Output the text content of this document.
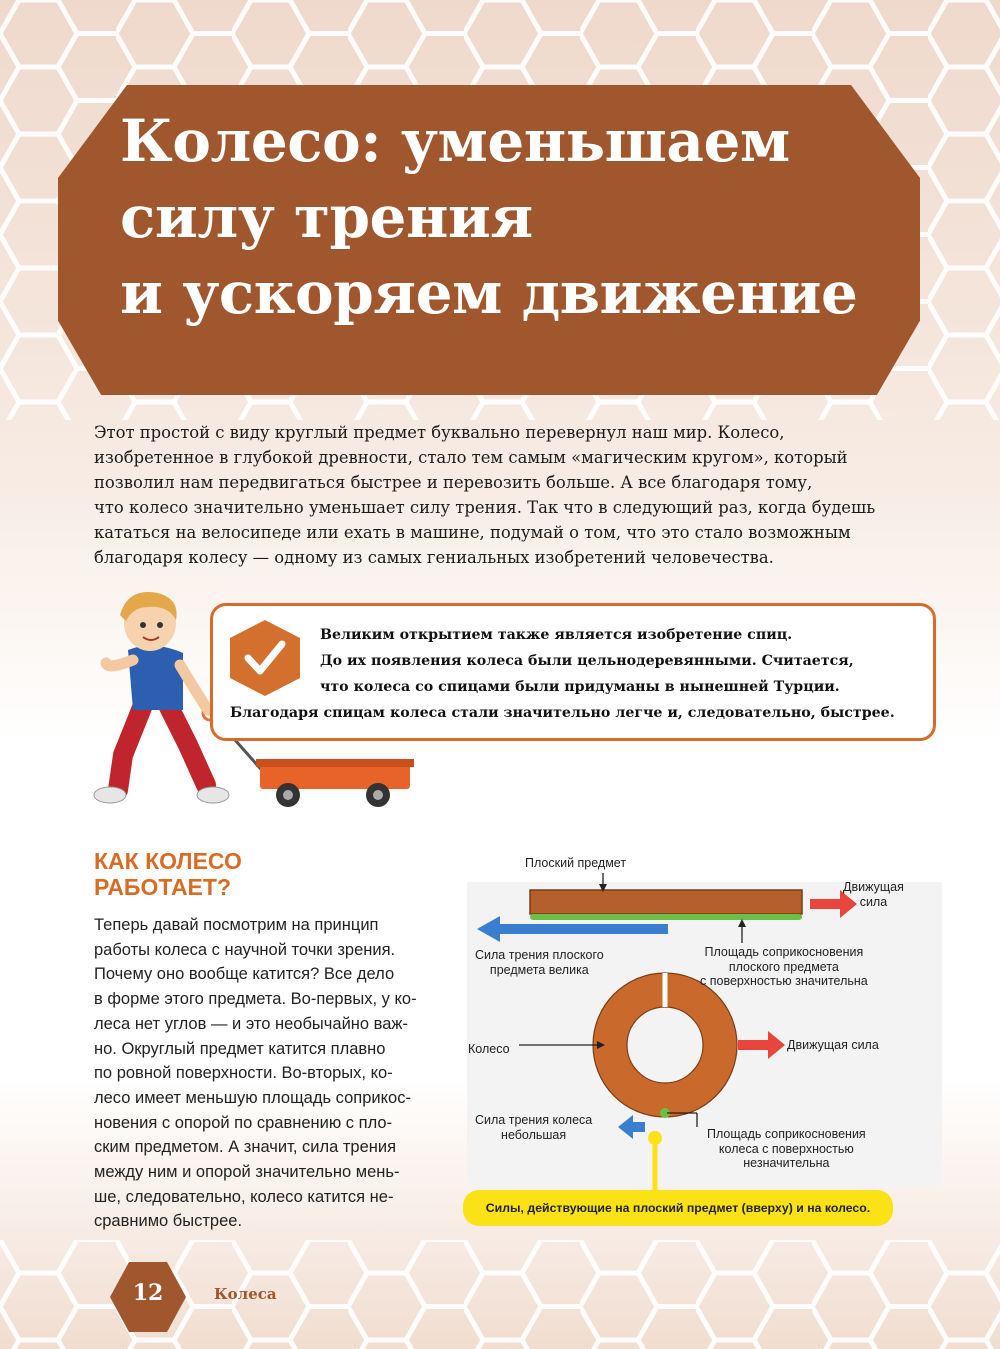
Колесо: уменьшаем
силу трения
и ускоряем движение
Этот простой с виду круглый предмет буквально перевернул наш мир. Колесо,
изобретенное в глубокой древности, стало тем самым «магическим кругом», который
позволил нам передвигаться быстрее и перевозить больше. А все благодаря тому,
что колесо значительно уменьшает силу трения. Так что в следующий раз, когда будешь
кататься на велосипеде или ехать в машине, подумай о том, что это стало возможным
благодаря колесу — одному из самых гениальных изобретений человечества.
Великим открытием также является изобретение спиц.
До их появления колеса были цельнодеревянными. Считается,
что колеса со спицами были придуманы в нынешней Турции.
Благодаря спицам колеса стали значительно легче и, следовательно, быстрее.
КАК КОЛЕСО
РАБОТАЕТ?
Теперь давай посмотрим на принцип
работы колеса с научной точки зрения.
Почему оно вообще катится? Все дело
в форме этого предмета. Во-первых, у ко-
леса нет углов — и это необычайно важ-
но. Округлый предмет катится плавно
по ровной поверхности. Во-вторых, ко-
лесо имеет меньшую площадь соприкос-
новения с опорой по сравнению с пло-
ским предметом. А значит, сила трения
между ним и опорой значительно мень-
ше, следовательно, колесо катится не-
сравнимо быстрее.
Плоский предмет
Движущая
сила
Сила трения плоского
предмета велика
Площадь соприкосновения
плоского предмета
с поверхностью значительна
Колесо	Движущая сила
Сила трения колеса
небольшая	Площадь соприкосновения
колеса с поверхностью
незначительна
Силы, действующие на плоский предмет (вверху) и на колесо.
12	Колеса
